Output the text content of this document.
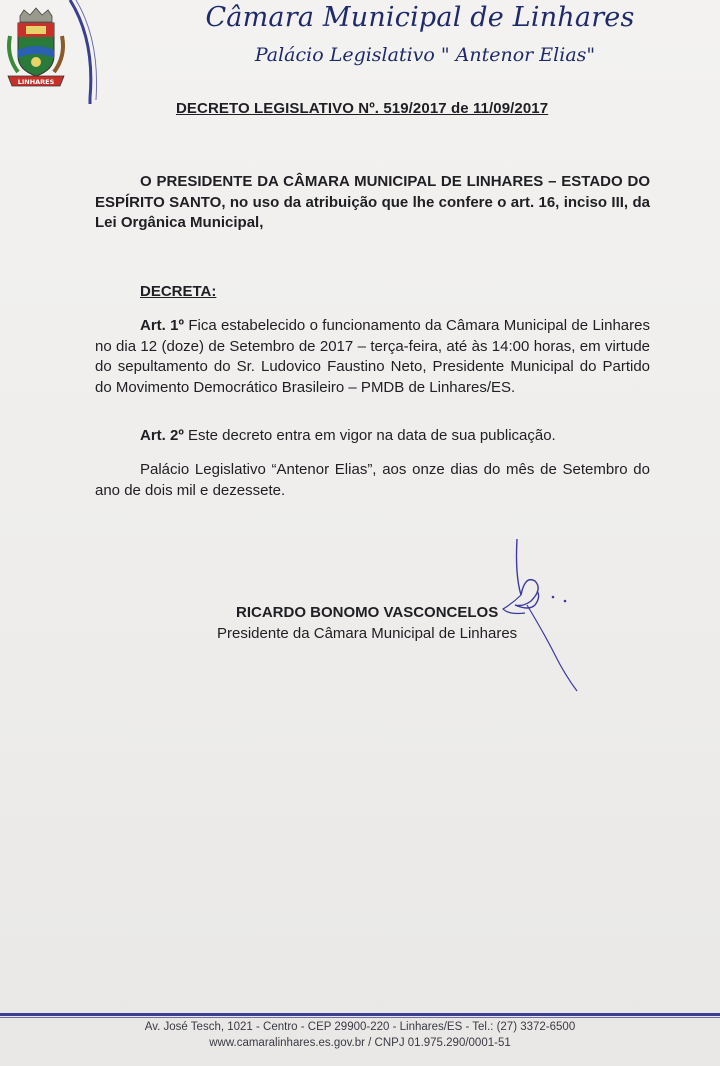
LINHARES
Câmara Municipal de Linhares
Palácio Legislativo " Antenor Elias"
DECRETO LEGISLATIVO Nº. 519/2017 de 11/09/2017
O PRESIDENTE DA CÂMARA MUNICIPAL DE LINHARES – ESTADO DO ESPÍRITO SANTO, no uso da atribuição que lhe confere o art. 16, inciso III, da Lei Orgânica Municipal,
DECRETA:
Art. 1º Fica estabelecido o funcionamento da Câmara Municipal de Linhares no dia 12 (doze) de Setembro de 2017 – terça-feira, até às 14:00 horas, em virtude do sepultamento do Sr. Ludovico Faustino Neto, Presidente Municipal do Partido do Movimento Democrático Brasileiro – PMDB de Linhares/ES.
Art. 2º Este decreto entra em vigor na data de sua publicação.
Palácio Legislativo “Antenor Elias”, aos onze dias do mês de Setembro do ano de dois mil e dezessete.
RICARDO BONOMO VASCONCELOS
Presidente da Câmara Municipal de Linhares
Av. José Tesch, 1021 - Centro - CEP 29900-220 - Linhares/ES - Tel.: (27) 3372-6500
www.camaralinhares.es.gov.br / CNPJ 01.975.290/0001-51
